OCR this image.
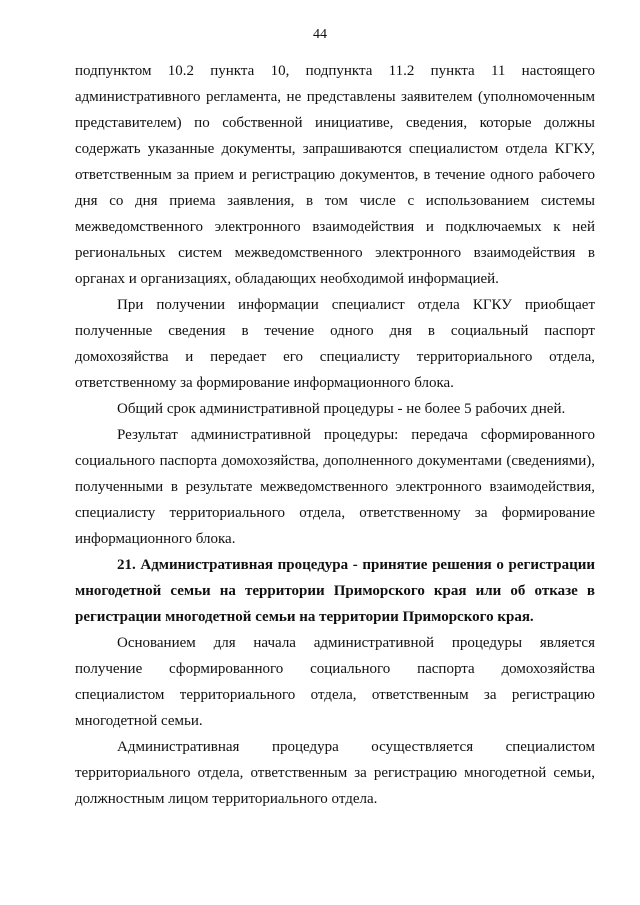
44

подпунктом 10.2 пункта 10, подпункта 11.2 пункта 11 настоящего административного регламента, не представлены заявителем (уполномоченным представителем) по собственной инициативе, сведения, которые должны содержать указанные документы, запрашиваются специалистом отдела КГКУ, ответственным за прием и регистрацию документов, в течение одного рабочего дня со дня приема заявления, в том числе с использованием системы межведомственного электронного взаимодействия и подключаемых к ней региональных систем межведомственного электронного взаимодействия в органах и организациях, обладающих необходимой информацией.

При получении информации специалист отдела КГКУ приобщает полученные сведения в течение одного дня в социальный паспорт домохозяйства и передает его специалисту территориального отдела, ответственному за формирование информационного блока.

Общий срок административной процедуры - не более 5 рабочих дней.

Результат административной процедуры: передача сформированного социального паспорта домохозяйства, дополненного документами (сведениями), полученными в результате межведомственного электронного взаимодействия, специалисту территориального отдела, ответственному за формирование информационного блока.

21. Административная процедура - принятие решения о регистрации многодетной семьи на территории Приморского края или об отказе в регистрации многодетной семьи на территории Приморского края.

Основанием для начала административной процедуры является получение сформированного социального паспорта домохозяйства специалистом территориального отдела, ответственным за регистрацию многодетной семьи.

Административная процедура осуществляется специалистом территориального отдела, ответственным за регистрацию многодетной семьи, должностным лицом территориального отдела.
